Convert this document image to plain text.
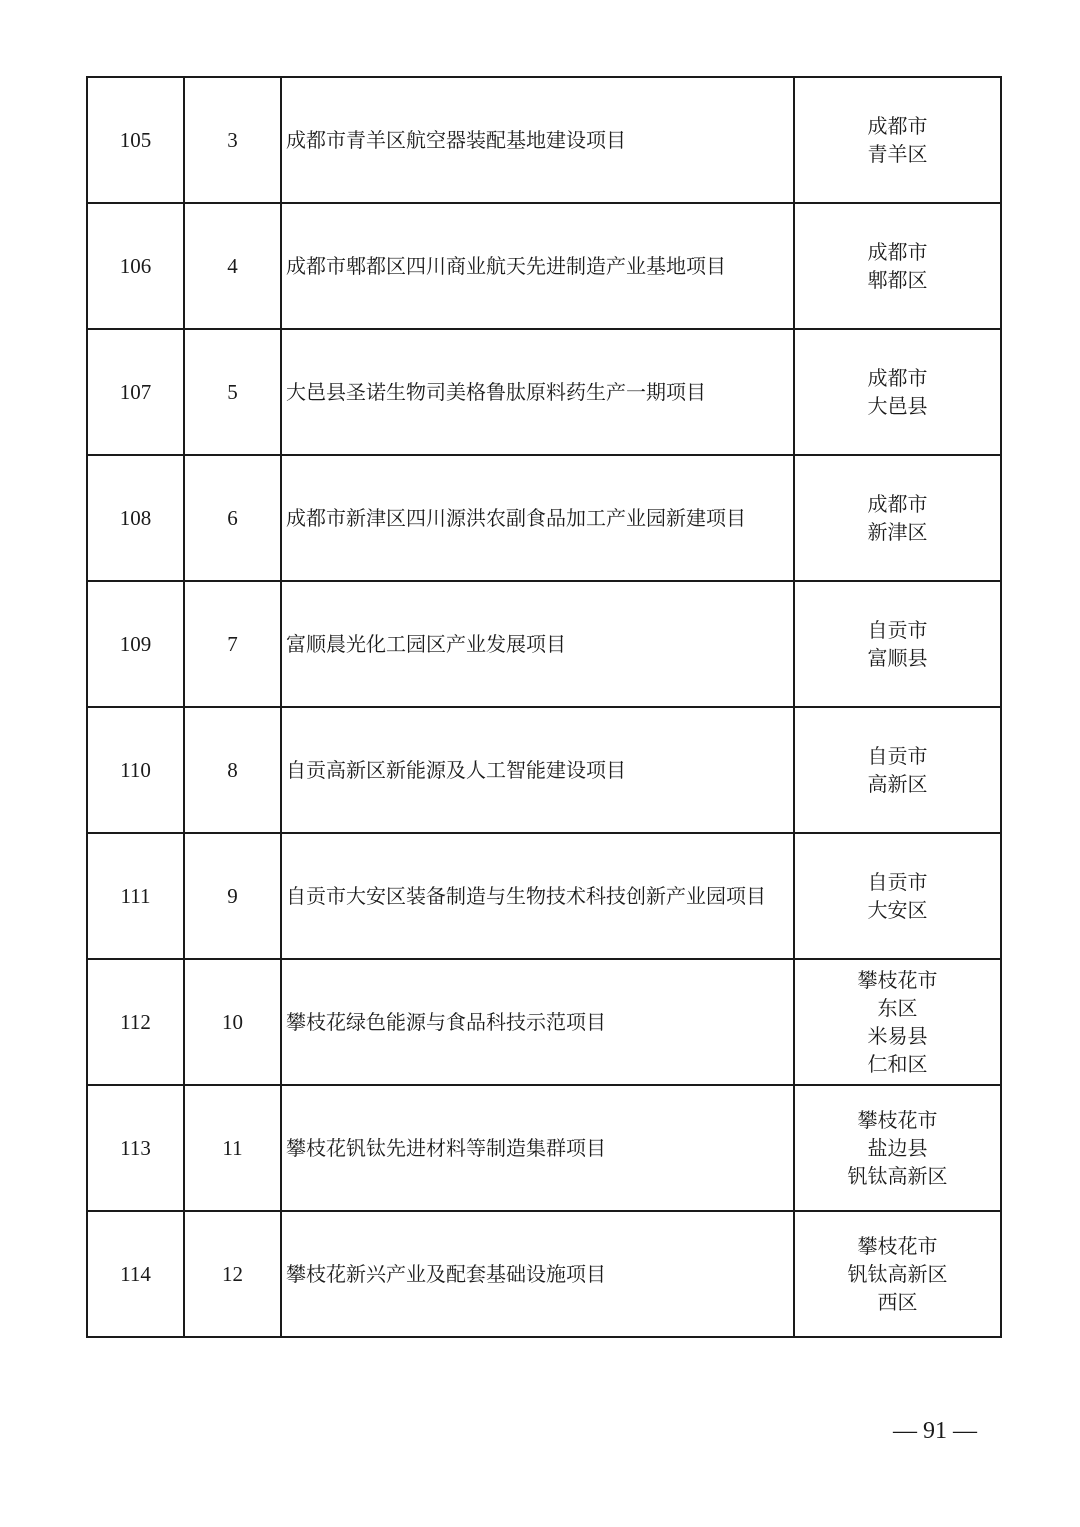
105	3	成都市青羊区航空器装配基地建设项目	成都市
青羊区

106	4	成都市郫都区四川商业航天先进制造产业基地项目	成都市
郫都区

107	5	大邑县圣诺生物司美格鲁肽原料药生产一期项目	成都市
大邑县

108	6	成都市新津区四川源洪农副食品加工产业园新建项目	成都市
新津区

109	7	富顺晨光化工园区产业发展项目	自贡市
富顺县

110	8	自贡高新区新能源及人工智能建设项目	自贡市
高新区

111	9	自贡市大安区装备制造与生物技术科技创新产业园项目	自贡市
大安区

112	10	攀枝花绿色能源与食品科技示范项目	攀枝花市
东区
米易县
仁和区

113	11	攀枝花钒钛先进材料等制造集群项目	攀枝花市
盐边县
钒钛高新区

114	12	攀枝花新兴产业及配套基础设施项目	攀枝花市
钒钛高新区
西区
— 91 —
